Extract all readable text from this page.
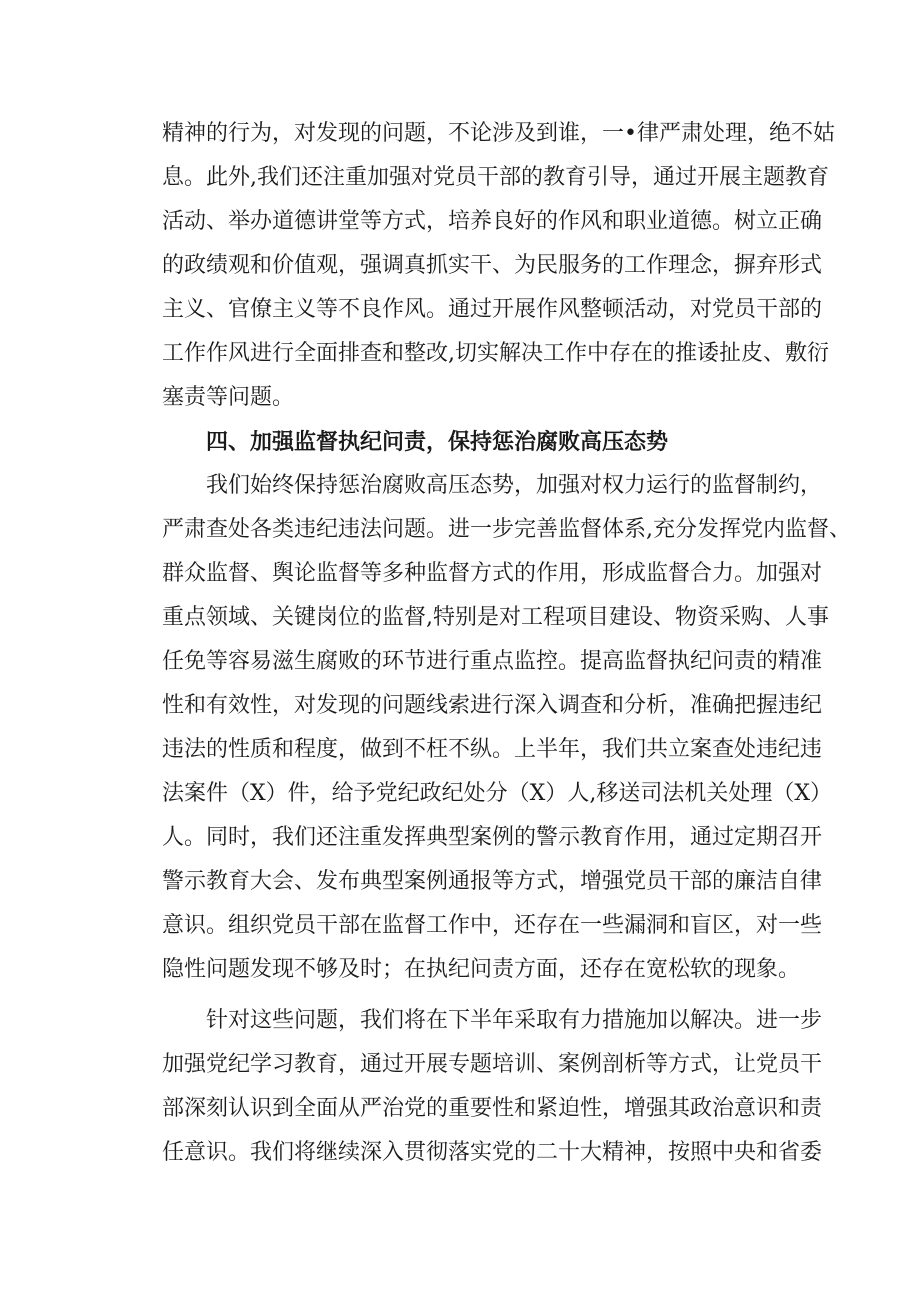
精神的行为，对发现的问题，不论涉及到谁，一•律严肃处理，绝不姑
息。此外,我们还注重加强对党员干部的教育引导，通过开展主题教育
活动、举办道德讲堂等方式，培养良好的作风和职业道德。树立正确
的政绩观和价值观，强调真抓实干、为民服务的工作理念，摒弃形式
主义、官僚主义等不良作风。通过开展作风整顿活动，对党员干部的
工作作风进行全面排查和整改,切实解决工作中存在的推诿扯皮、敷衍
塞责等问题。
四、加强监督执纪问责，保持惩治腐败高压态势
我们始终保持惩治腐败高压态势，加强对权力运行的监督制约，
严肃查处各类违纪违法问题。进一步完善监督体系,充分发挥党内监督、
群众监督、舆论监督等多种监督方式的作用，形成监督合力。加强对
重点领域、关键岗位的监督,特别是对工程项目建设、物资采购、人事
任免等容易滋生腐败的环节进行重点监控。提高监督执纪问责的精准
性和有效性，对发现的问题线索进行深入调查和分析，准确把握违纪
违法的性质和程度，做到不枉不纵。上半年，我们共立案查处违纪违
法案件（X）件，给予党纪政纪处分（X）人,移送司法机关处理（X）
人。同时，我们还注重发挥典型案例的警示教育作用，通过定期召开
警示教育大会、发布典型案例通报等方式，增强党员干部的廉洁自律
意识。组织党员干部在监督工作中，还存在一些漏洞和盲区，对一些
隐性问题发现不够及时；在执纪问责方面，还存在宽松软的现象。
针对这些问题，我们将在下半年采取有力措施加以解决。进一步
加强党纪学习教育，通过开展专题培训、案例剖析等方式，让党员干
部深刻认识到全面从严治党的重要性和紧迫性，增强其政治意识和责
任意识。我们将继续深入贯彻落实党的二十大精神，按照中央和省委
